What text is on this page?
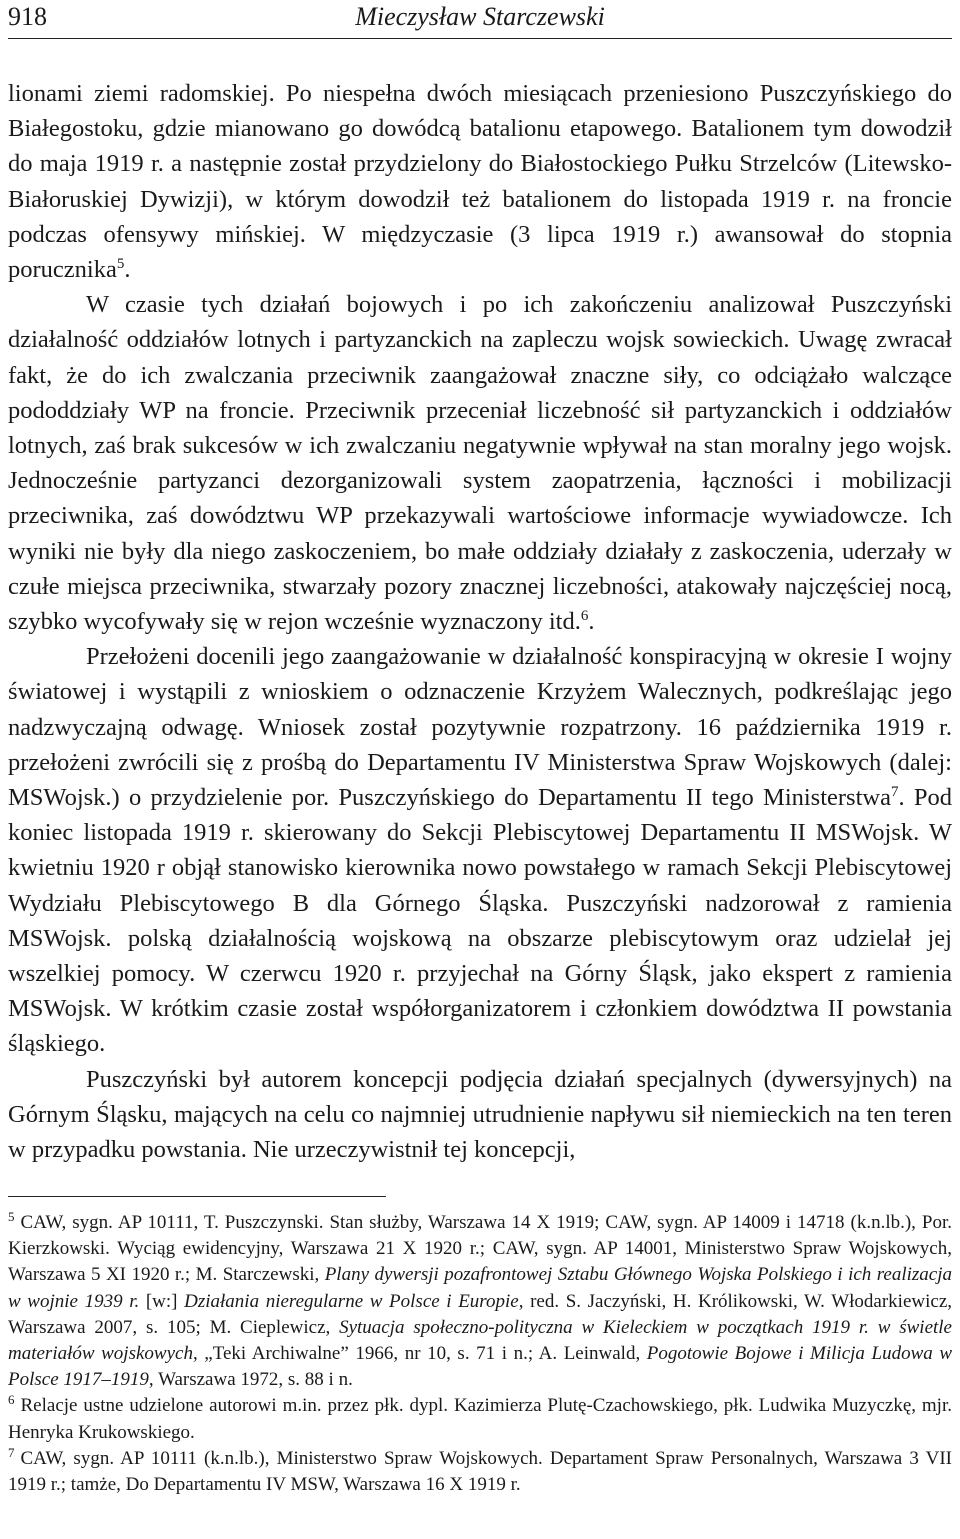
918	Mieczysław Starczewski

lionami ziemi radomskiej. Po niespełna dwóch miesiącach przeniesiono Puszczyńskiego do Białegostoku, gdzie mianowano go dowódcą batalionu etapowego. Batalionem tym dowodził do maja 1919 r. a następnie został przydzielony do Białostockiego Pułku Strzelców (Litewsko-Białoruskiej Dywizji), w którym dowodził też batalionem do listopada 1919 r. na froncie podczas ofensywy mińskiej. W międzyczasie (3 lipca 1919 r.) awansował do stopnia porucznika$^5$.

W czasie tych działań bojowych i po ich zakończeniu analizował Puszczyński działalność oddziałów lotnych i partyzanckich na zapleczu wojsk sowieckich. Uwagę zwracał fakt, że do ich zwalczania przeciwnik zaangażował znaczne siły, co odciążało walczące pododdziały WP na froncie. Przeciwnik przeceniał liczebność sił partyzanckich i oddziałów lotnych, zaś brak sukcesów w ich zwalczaniu negatywnie wpływał na stan moralny jego wojsk. Jednocześnie partyzanci dezorganizowali system zaopatrzenia, łączności i mobilizacji przeciwnika, zaś dowództwu WP przekazywali wartościowe informacje wywiadowcze. Ich wyniki nie były dla niego zaskoczeniem, bo małe oddziały działały z zaskoczenia, uderzały w czułe miejsca przeciwnika, stwarzały pozory znacznej liczebności, atakowały najczęściej nocą, szybko wycofywały się w rejon wcześnie wyznaczony itd.$^6$.

Przełożeni docenili jego zaangażowanie w działalność konspiracyjną w okresie I wojny światowej i wystąpili z wnioskiem o odznaczenie Krzyżem Walecznych, podkreślając jego nadzwyczajną odwagę. Wniosek został pozytywnie rozpatrzony. 16 października 1919 r. przełożeni zwrócili się z prośbą do Departamentu IV Ministerstwa Spraw Wojskowych (dalej: MSWojsk.) o przydzielenie por. Puszczyńskiego do Departamentu II tego Ministerstwa$^7$. Pod koniec listopada 1919 r. skierowany do Sekcji Plebiscytowej Departamentu II MSWojsk. W kwietniu 1920 r objął stanowisko kierownika nowo powstałego w ramach Sekcji Plebiscytowej Wydziału Plebiscytowego B dla Górnego Śląska. Puszczyński nadzorował z ramienia MSWojsk. polską działalnością wojskową na obszarze plebiscytowym oraz udzielał jej wszelkiej pomocy. W czerwcu 1920 r. przyjechał na Górny Śląsk, jako ekspert z ramienia MSWojsk. W krótkim czasie został współorganizatorem i członkiem dowództwa II powstania śląskiego.

Puszczyński był autorem koncepcji podjęcia działań specjalnych (dywersyjnych) na Górnym Śląsku, mających na celu co najmniej utrudnienie napływu sił niemieckich na ten teren w przypadku powstania. Nie urzeczywistnił tej koncepcji,

$^5$ CAW, sygn. AP 10111, T. Puszczynski. Stan służby, Warszawa 14 X 1919; CAW, sygn. AP 14009 i 14718 (k.n.lb.), Por. Kierzkowski. Wyciąg ewidencyjny, Warszawa 21 X 1920 r.; CAW, sygn. AP 14001, Ministerstwo Spraw Wojskowych, Warszawa 5 XI 1920 r.; M. Starczewski, Plany dywersji pozafrontowej Sztabu Głównego Wojska Polskiego i ich realizacja w wojnie 1939 r. [w:] Działania nieregularne w Polsce i Europie, red. S. Jaczyński, H. Królikowski, W. Włodarkiewicz, Warszawa 2007, s. 105; M. Cieplewicz, Sytuacja społeczno-polityczna w Kieleckiem w początkach 1919 r. w świetle materiałów wojskowych, „Teki Archiwalne” 1966, nr 10, s. 71 i n.; A. Leinwald, Pogotowie Bojowe i Milicja Ludowa w Polsce 1917–1919, Warszawa 1972, s. 88 i n.

$^6$ Relacje ustne udzielone autorowi m.in. przez płk. dypl. Kazimierza Plutę-Czachowskiego, płk. Ludwika Muzyczkę, mjr. Henryka Krukowskiego.

$^7$ CAW, sygn. AP 10111 (k.n.lb.), Ministerstwo Spraw Wojskowych. Departament Spraw Personalnych, Warszawa 3 VII 1919 r.; tamże, Do Departamentu IV MSW, Warszawa 16 X 1919 r.
